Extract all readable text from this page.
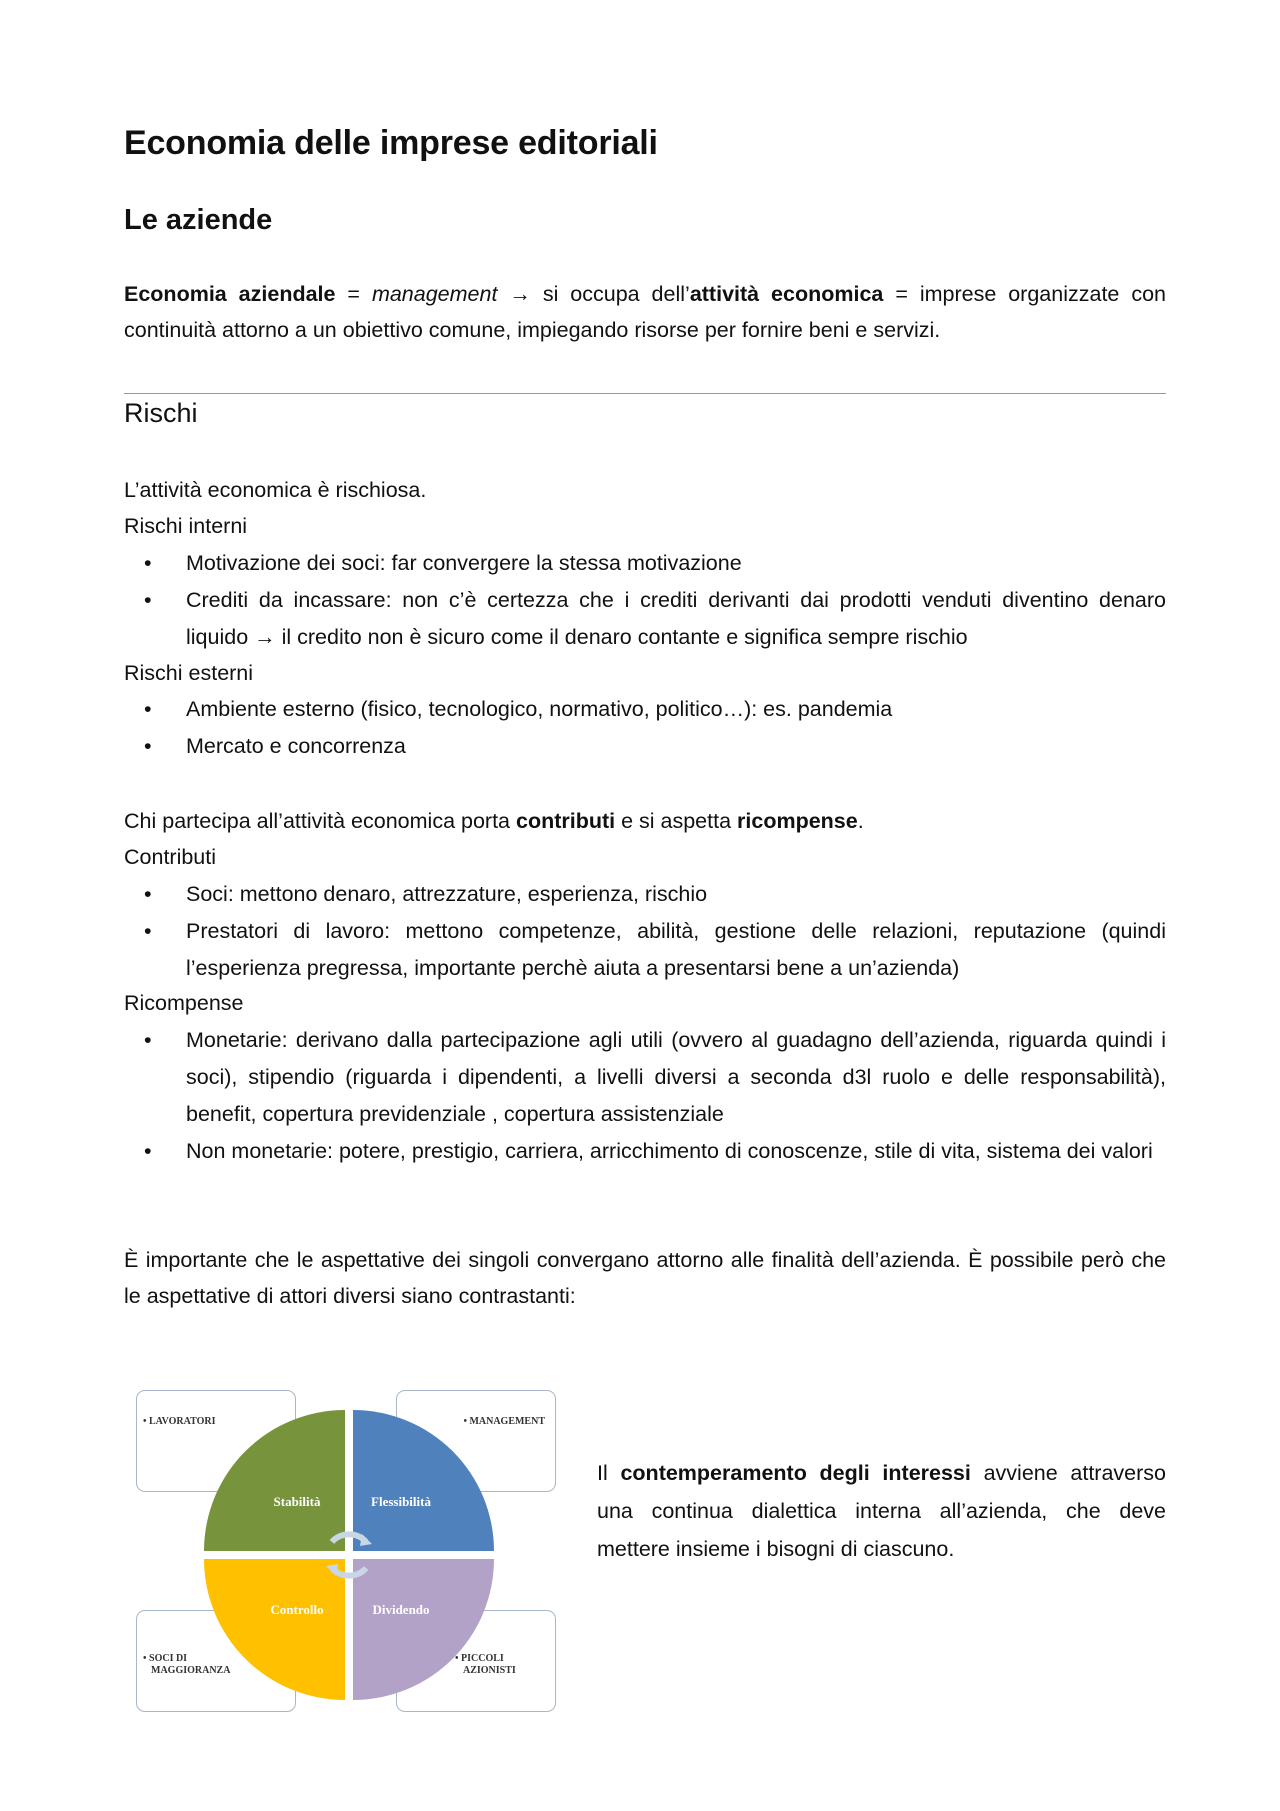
Economia delle imprese editoriali
Le aziende

Economia aziendale = management → si occupa dell’attività economica = imprese organizzate con continuità attorno a un obiettivo comune, impiegando risorse per fornire beni e servizi.

Rischi
L’attività economica è rischiosa.
Rischi interni
• Motivazione dei soci: far convergere la stessa motivazione
• Crediti da incassare: non c’è certezza che i crediti derivanti dai prodotti venduti diventino denaro liquido → il credito non è sicuro come il denaro contante e significa sempre rischio
Rischi esterni
• Ambiente esterno (fisico, tecnologico, normativo, politico…): es. pandemia
• Mercato e concorrenza
Chi partecipa all’attività economica porta contributi e si aspetta ricompense.
Contributi
• Soci: mettono denaro, attrezzature, esperienza, rischio
• Prestatori di lavoro: mettono competenze, abilità, gestione delle relazioni, reputazione (quindi l’esperienza pregressa, importante perchè aiuta a presentarsi bene a un’azienda)
Ricompense
• Monetarie: derivano dalla partecipazione agli utili (ovvero al guadagno dell’azienda, riguarda quindi i soci), stipendio (riguarda i dipendenti, a livelli diversi a seconda d3l ruolo e delle responsabilità), benefit, copertura previdenziale , copertura assistenziale
• Non monetarie: potere, prestigio, carriera, arricchimento di conoscenze, stile di vita, sistema dei valori

È importante che le aspettative dei singoli convergano attorno alle finalità dell’azienda. È possibile però che le aspettative di attori diversi siano contrastanti:

• LAVORATORI	• MANAGEMENT
• SOCI DI
MAGGIORANZA
• PICCOLI
AZIONISTI
Stabilità	Flessibilità
Controllo	Dividendo

Il contemperamento degli interessi avviene attraverso una continua dialettica interna all’azienda, che deve mettere insieme i bisogni di ciascuno.
